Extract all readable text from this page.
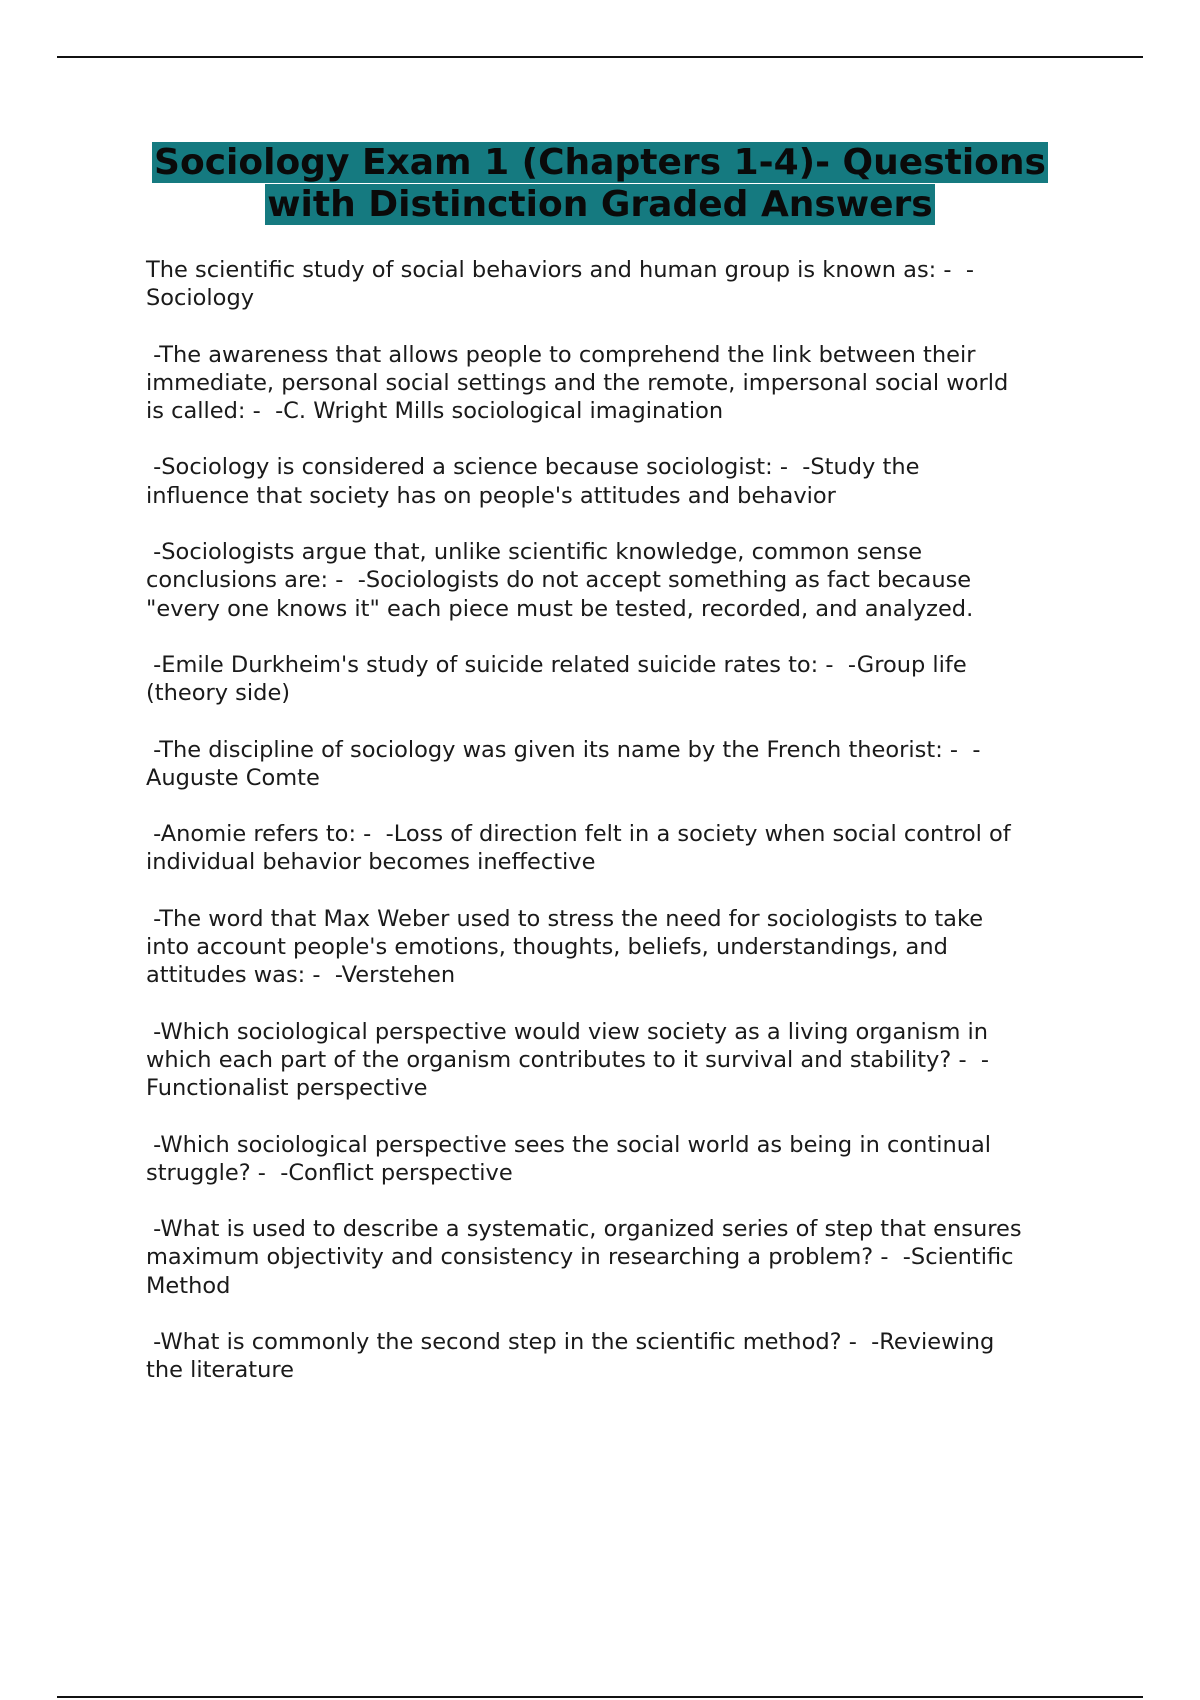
Sociology Exam 1 (Chapters 1-4)- Questions
with Distinction Graded Answers

The scientific study of social behaviors and human group is known as: -  -
Sociology

-The awareness that allows people to comprehend the link between their
immediate, personal social settings and the remote, impersonal social world
is called: -  -C. Wright Mills sociological imagination

-Sociology is considered a science because sociologist: -  -Study the
influence that society has on people's attitudes and behavior

-Sociologists argue that, unlike scientific knowledge, common sense
conclusions are: -  -Sociologists do not accept something as fact because
"every one knows it" each piece must be tested, recorded, and analyzed.

-Emile Durkheim's study of suicide related suicide rates to: -  -Group life
(theory side)

-The discipline of sociology was given its name by the French theorist: -  -
Auguste Comte

-Anomie refers to: -  -Loss of direction felt in a society when social control of
individual behavior becomes ineffective

-The word that Max Weber used to stress the need for sociologists to take
into account people's emotions, thoughts, beliefs, understandings, and
attitudes was: -  -Verstehen

-Which sociological perspective would view society as a living organism in
which each part of the organism contributes to it survival and stability? -  -
Functionalist perspective

-Which sociological perspective sees the social world as being in continual
struggle? -  -Conflict perspective

-What is used to describe a systematic, organized series of step that ensures
maximum objectivity and consistency in researching a problem? -  -Scientific
Method

-What is commonly the second step in the scientific method? -  -Reviewing
the literature
